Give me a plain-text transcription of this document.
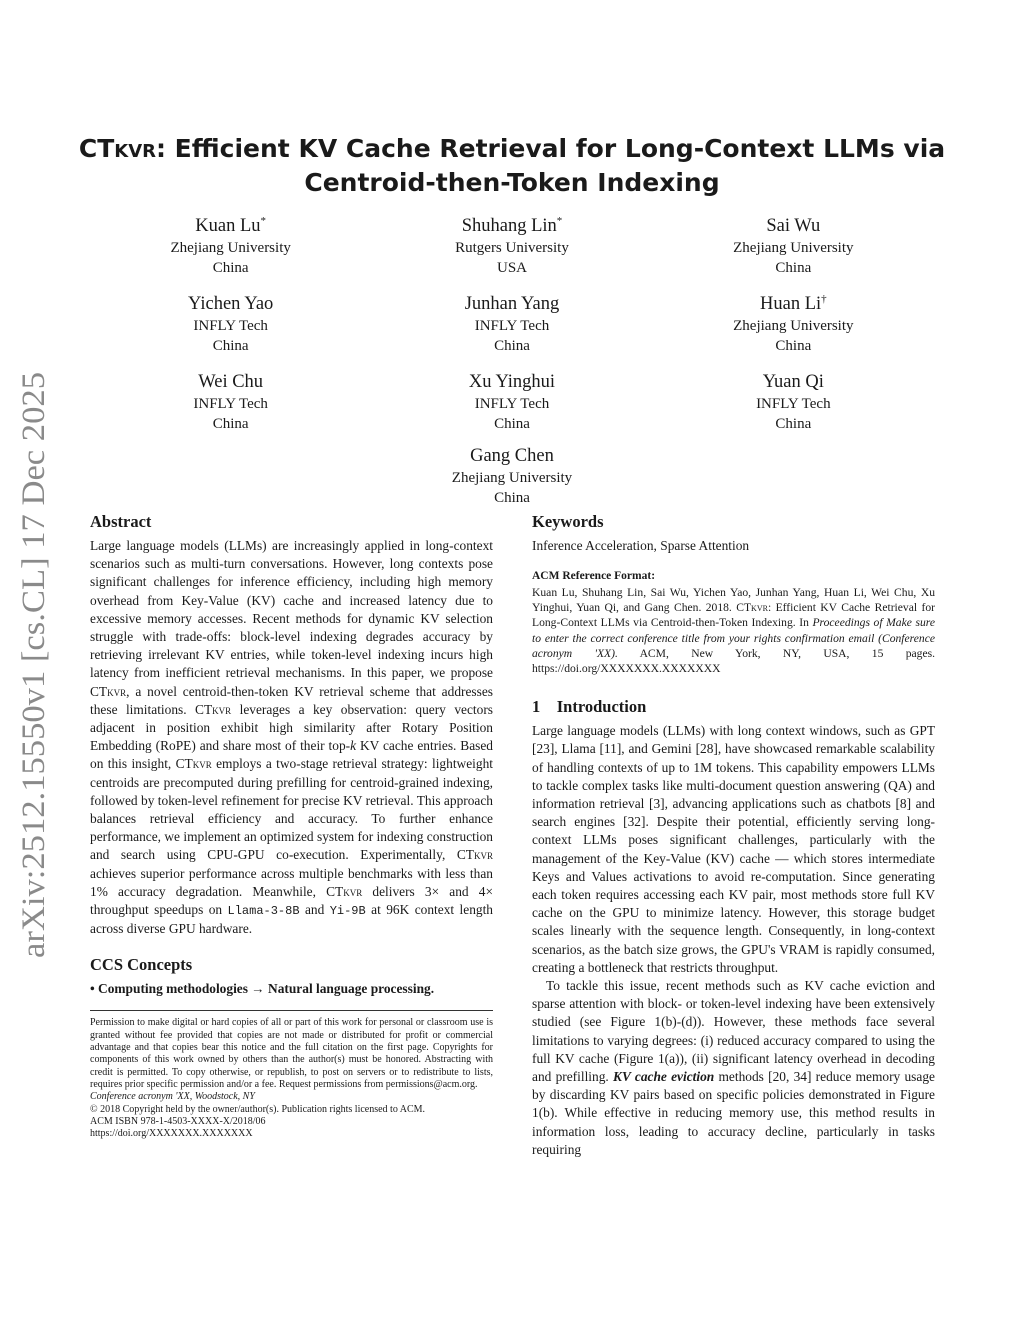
arXiv:2512.15550v1 [cs.CL] 17 Dec 2025
CTkvr: Efficient KV Cache Retrieval for Long-Context LLMs via
Centroid-then-Token Indexing
Kuan Lu*
Zhejiang University
China
Shuhang Lin*
Rutgers University
USA
Sai Wu
Zhejiang University
China
Yichen Yao
INFLY Tech
China
Junhan Yang
INFLY Tech
China
Huan Li†
Zhejiang University
China
Wei Chu
INFLY Tech
China
Xu Yinghui
INFLY Tech
China
Yuan Qi
INFLY Tech
China
Gang Chen
Zhejiang University
China
Abstract

Large language models (LLMs) are increasingly applied in long-context scenarios such as multi-turn conversations. However, long contexts pose significant challenges for inference efficiency, including high memory overhead from Key-Value (KV) cache and increased latency due to excessive memory accesses. Recent methods for dynamic KV selection struggle with trade-offs: block-level indexing degrades accuracy by retrieving irrelevant KV entries, while token-level indexing incurs high latency from inefficient retrieval mechanisms. In this paper, we propose CTkvr, a novel centroid-then-token KV retrieval scheme that addresses these limitations. CTkvr leverages a key observation: query vectors adjacent in position exhibit high similarity after Rotary Position Embedding (RoPE) and share most of their top-k KV cache entries. Based on this insight, CTkvr employs a two-stage retrieval strategy: lightweight centroids are precomputed during prefilling for centroid-grained indexing, followed by token-level refinement for precise KV retrieval. This approach balances retrieval efficiency and accuracy. To further enhance performance, we implement an optimized system for indexing construction and search using CPU-GPU co-execution. Experimentally, CTkvr achieves superior performance across multiple benchmarks with less than 1% accuracy degradation. Meanwhile, CTkvr delivers 3× and 4× throughput speedups on Llama-3-8B and Yi-9B at 96K context length across diverse GPU hardware.

CCS Concepts

• Computing methodologies → Natural language processing.

Permission to make digital or hard copies of all or part of this work for personal or classroom use is granted without fee provided that copies are not made or distributed for profit or commercial advantage and that copies bear this notice and the full citation on the first page. Copyrights for components of this work owned by others than the author(s) must be honored. Abstracting with credit is permitted. To copy otherwise, or republish, to post on servers or to redistribute to lists, requires prior specific permission and/or a fee. Request permissions from permissions@acm.org.

Conference acronym 'XX, Woodstock, NY

© 2018 Copyright held by the owner/author(s). Publication rights licensed to ACM.

ACM ISBN 978-1-4503-XXXX-X/2018/06

https://doi.org/XXXXXXX.XXXXXXX

Keywords

Inference Acceleration, Sparse Attention

ACM Reference Format:

Kuan Lu, Shuhang Lin, Sai Wu, Yichen Yao, Junhan Yang, Huan Li, Wei Chu, Xu Yinghui, Yuan Qi, and Gang Chen. 2018. CTkvr: Efficient KV Cache Retrieval for Long-Context LLMs via Centroid-then-Token Indexing. In Proceedings of Make sure to enter the correct conference title from your rights confirmation email (Conference acronym 'XX). ACM, New York, NY, USA, 15 pages. https://doi.org/XXXXXXX.XXXXXXX

1    Introduction

Large language models (LLMs) with long context windows, such as GPT [23], Llama [11], and Gemini [28], have showcased remarkable scalability of handling contexts of up to 1M tokens. This capability empowers LLMs to tackle complex tasks like multi-document question answering (QA) and information retrieval [3], advancing applications such as chatbots [8] and search engines [32]. Despite their potential, efficiently serving long-context LLMs poses significant challenges, particularly with the management of the Key-Value (KV) cache — which stores intermediate Keys and Values activations to avoid re-computation. Since generating each token requires accessing each KV pair, most methods store full KV cache on the GPU to minimize latency. However, this storage budget scales linearly with the sequence length. Consequently, in long-context scenarios, as the batch size grows, the GPU's VRAM is rapidly consumed, creating a bottleneck that restricts throughput.

To tackle this issue, recent methods such as KV cache eviction and sparse attention with block- or token-level indexing have been extensively studied (see Figure 1(b)-(d)). However, these methods face several limitations to varying degrees: (i) reduced accuracy compared to using the full KV cache (Figure 1(a)), (ii) significant latency overhead in decoding and prefilling. KV cache eviction methods [20, 34] reduce memory usage by discarding KV pairs based on specific policies demonstrated in Figure 1(b). While effective in reducing memory use, this method results in information loss, leading to accuracy decline, particularly in tasks requiring
